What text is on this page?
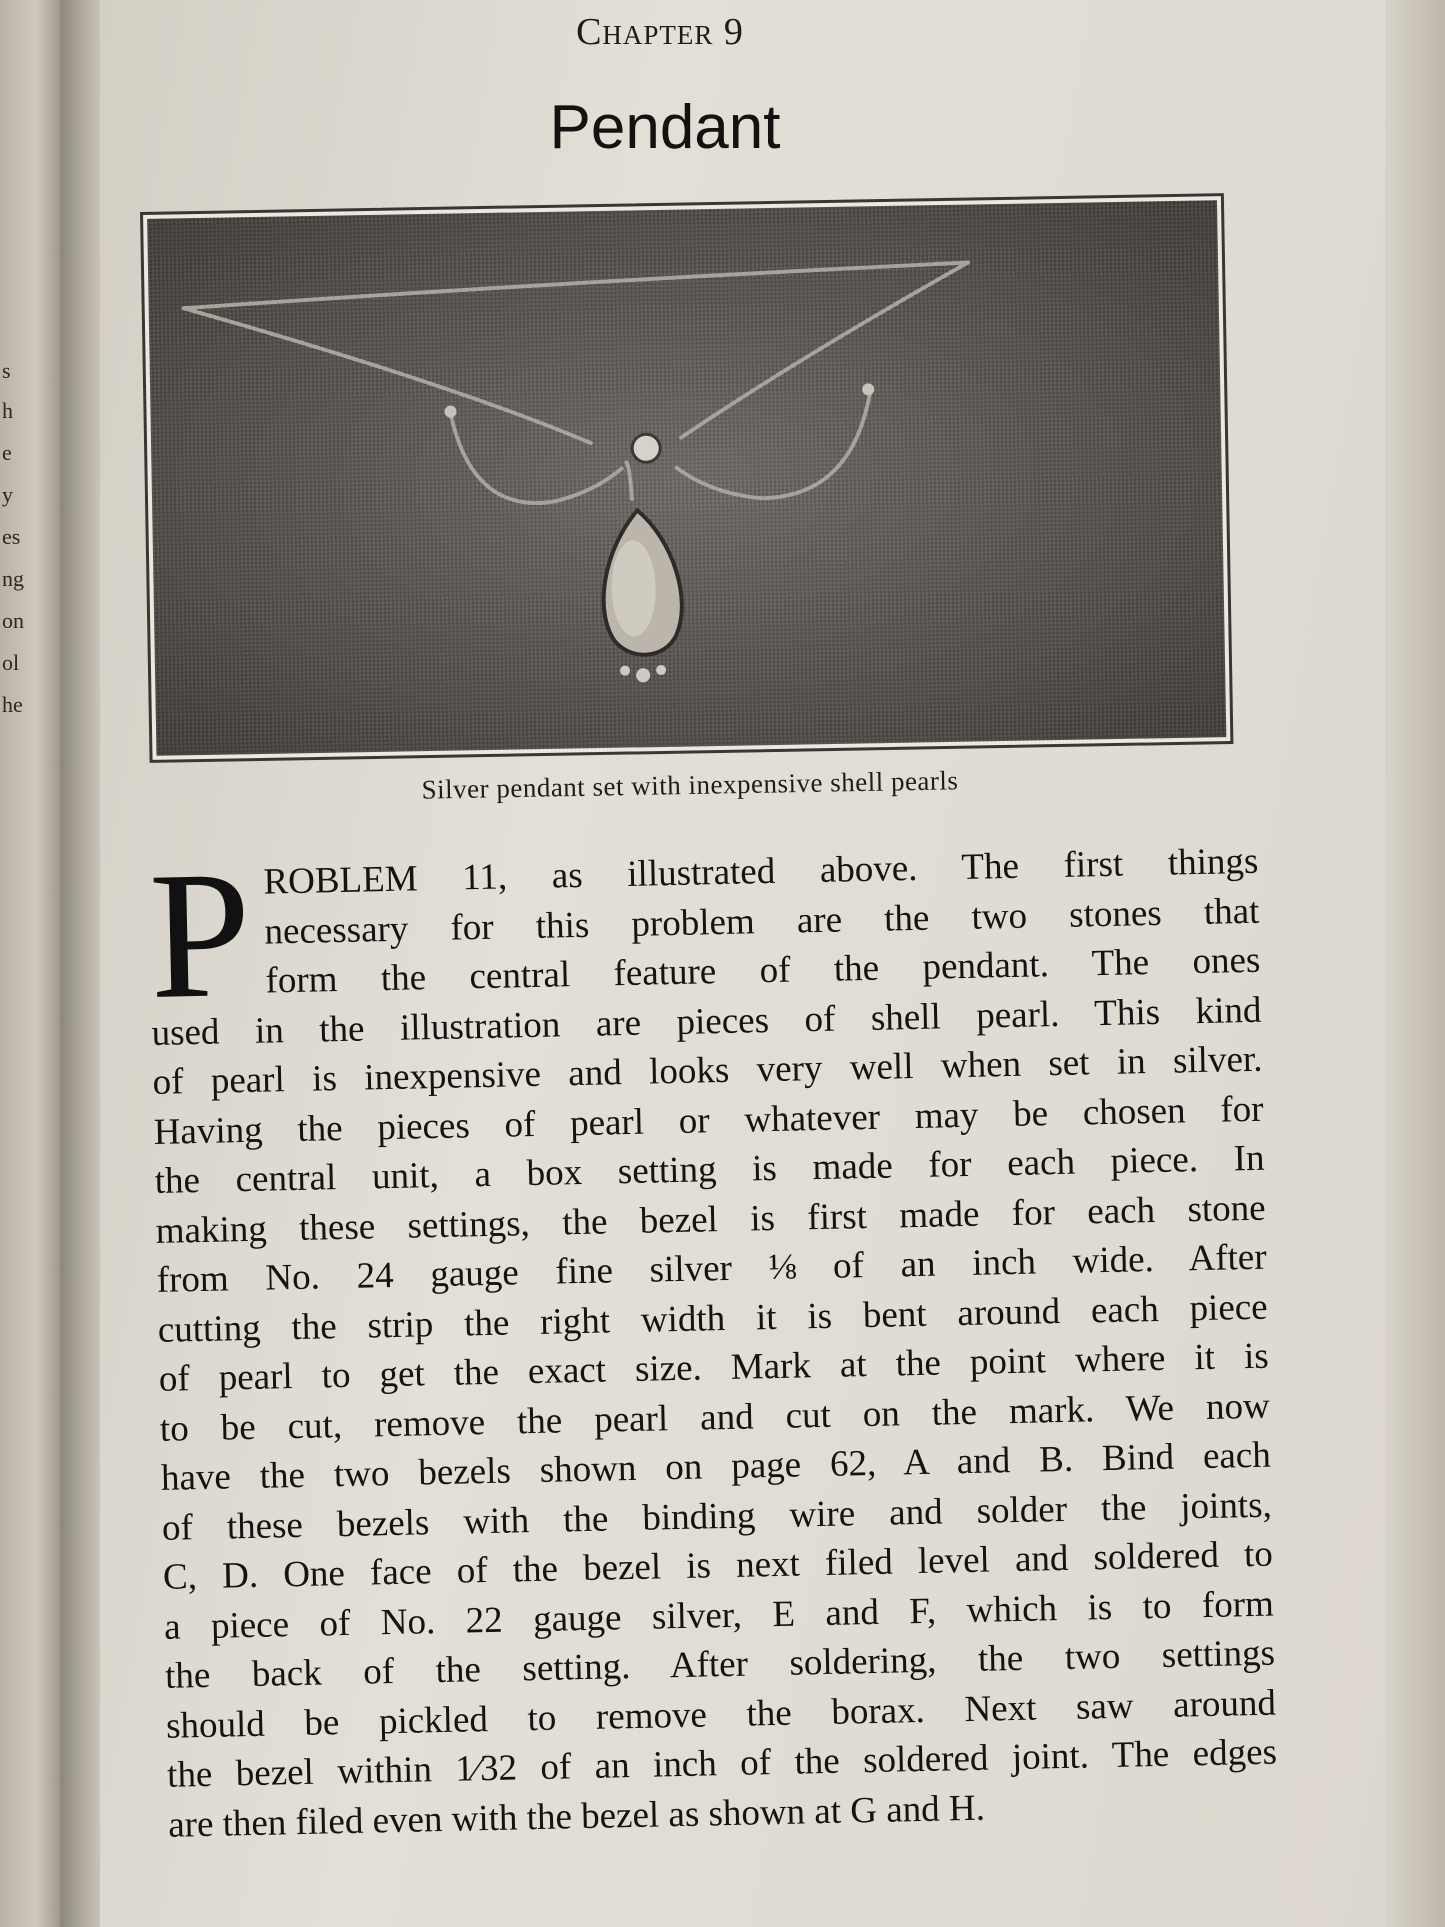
s
h
e
y
es
ng
on
ol
he
Chapter 9
Pendant
Silver pendant set with inexpensive shell pearls
P ROBLEM 11, as illustrated above. The first things
necessary for this problem are the two stones that
form the central feature of the pendant. The ones
used in the illustration are pieces of shell pearl. This kind
of pearl is inexpensive and looks very well when set in silver.
Having the pieces of pearl or whatever may be chosen for
the central unit, a box setting is made for each piece. In
making these settings, the bezel is first made for each stone
from No. 24 gauge fine silver ⅛ of an inch wide. After
cutting the strip the right width it is bent around each piece
of pearl to get the exact size. Mark at the point where it is
to be cut, remove the pearl and cut on the mark. We now
have the two bezels shown on page 62, A and B. Bind each
of these bezels with the binding wire and solder the joints,
C, D. One face of the bezel is next filed level and soldered to
a piece of No. 22 gauge silver, E and F, which is to form
the back of the setting. After soldering, the two settings
should be pickled to remove the borax. Next saw around
the bezel within 1⁄32 of an inch of the soldered joint. The edges
are then filed even with the bezel as shown at G and H.
